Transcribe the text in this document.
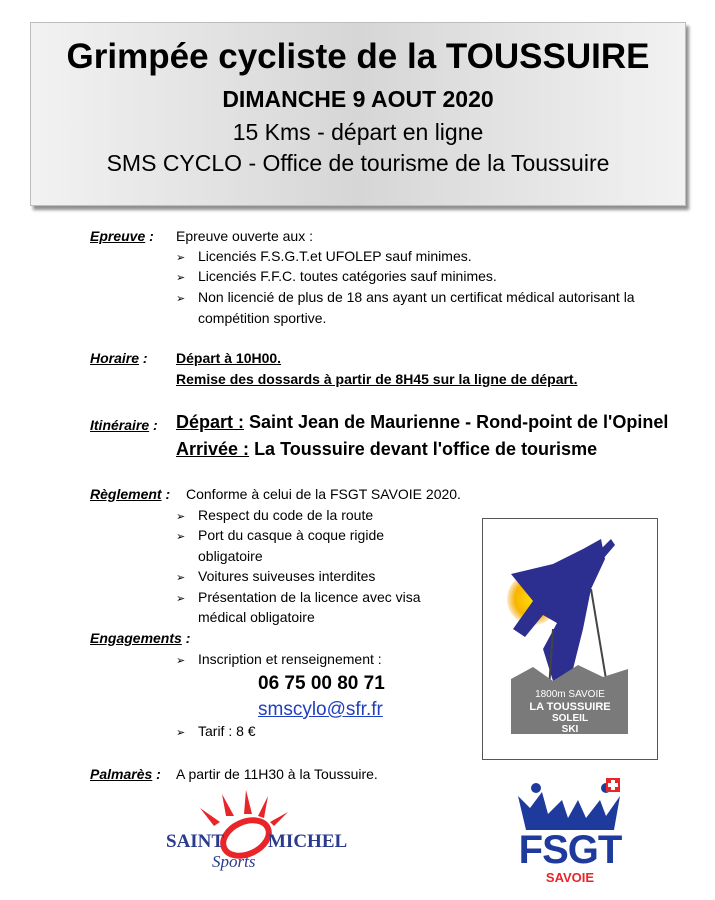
Grimpée cycliste de la TOUSSUIRE
DIMANCHE 9 AOUT 2020
15 Kms - départ en ligne
SMS CYCLO - Office de tourisme de la Toussuire
Epreuve : Epreuve ouverte aux :
➢ Licenciés F.S.G.T.et UFOLEP sauf minimes.
➢ Licenciés F.F.C. toutes catégories sauf minimes.
➢ Non licencié de plus de 18 ans ayant un certificat médical autorisant la
compétition sportive.
Horaire : Départ à 10H00.
Remise des dossards à partir de 8H45 sur la ligne de départ.
Itinéraire : Départ : Saint Jean de Maurienne - Rond-point de l'Opinel
Arrivée : La Toussuire devant l'office de tourisme
Règlement : Conforme à celui de la FSGT SAVOIE 2020.
➢ Respect du code de la route
➢ Port du casque à coque rigide
obligatoire
➢ Voitures suiveuses interdites
➢ Présentation de la licence avec visa
médical obligatoire
Engagements :
➢ Inscription et renseignement :
06 75 00 80 71
smscylo@sfr.fr
➢ Tarif : 8 €
Palmarès : A partir de 11H30 à la Toussuire.
1800m SAVOIE
LA TOUSSUIRE
SOLEIL
SKI
SAINT MICHEL
Sports	FSGT
SAVOIE
